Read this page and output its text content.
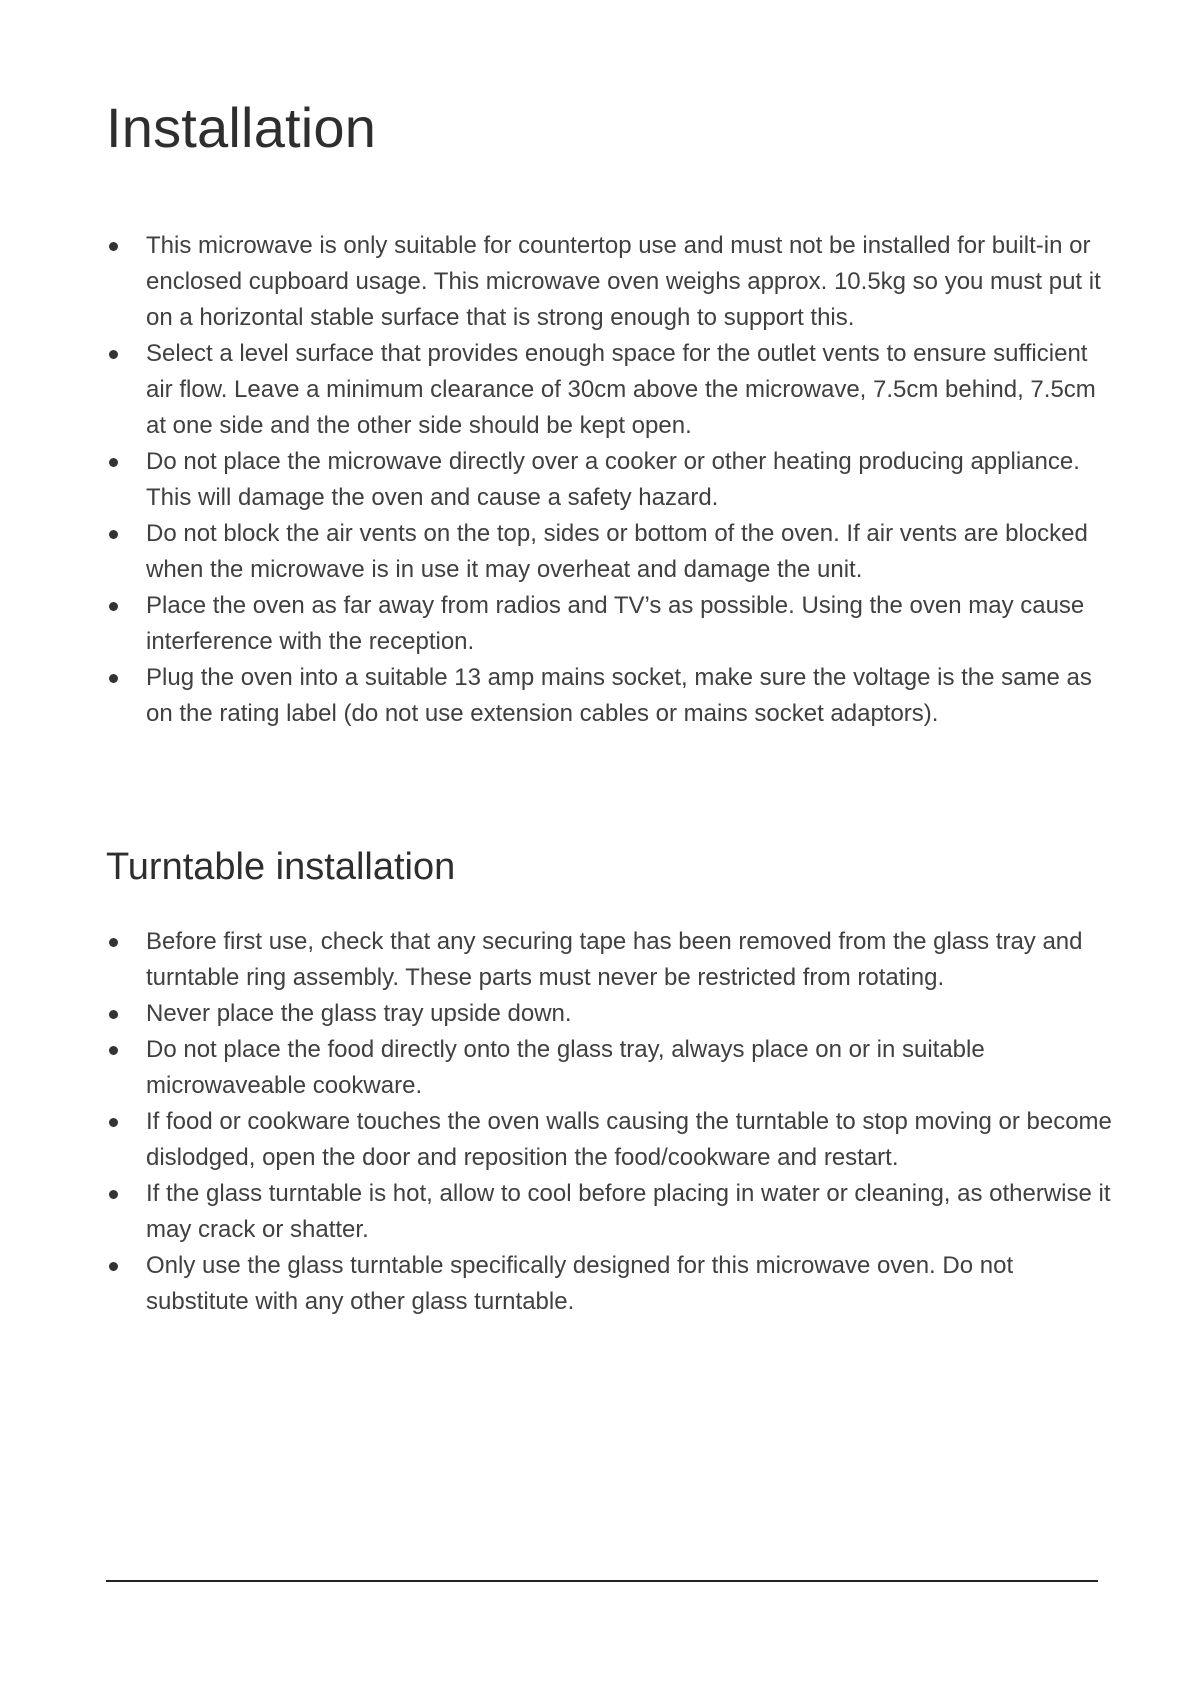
Installation
This microwave is only suitable for countertop use and must not be installed for built-in or enclosed cupboard usage. This microwave oven weighs approx. 10.5kg so you must put it on a horizontal stable surface that is strong enough to support this.
Select a level surface that provides enough space for the outlet vents to ensure sufficient air flow. Leave a minimum clearance of 30cm above the microwave, 7.5cm behind, 7.5cm at one side and the other side should be kept open.
Do not place the microwave directly over a cooker or other heating producing appliance. This will damage the oven and cause a safety hazard.
Do not block the air vents on the top, sides or bottom of the oven. If air vents are blocked when the microwave is in use it may overheat and damage the unit.
Place the oven as far away from radios and TV’s as possible. Using the oven may cause interference with the reception.
Plug the oven into a suitable 13 amp mains socket, make sure the voltage is the same as on the rating label (do not use extension cables or mains socket adaptors).
Turntable installation
Before first use, check that any securing tape has been removed from the glass tray and turntable ring assembly. These parts must never be restricted from rotating.
Never place the glass tray upside down.
Do not place the food directly onto the glass tray, always place on or in suitable microwaveable cookware.
If food or cookware touches the oven walls causing the turntable to stop moving or become dislodged, open the door and reposition the food/cookware and restart.
If the glass turntable is hot, allow to cool before placing in water or cleaning, as otherwise it may crack or shatter.
Only use the glass turntable specifically designed for this microwave oven. Do not substitute with any other glass turntable.
